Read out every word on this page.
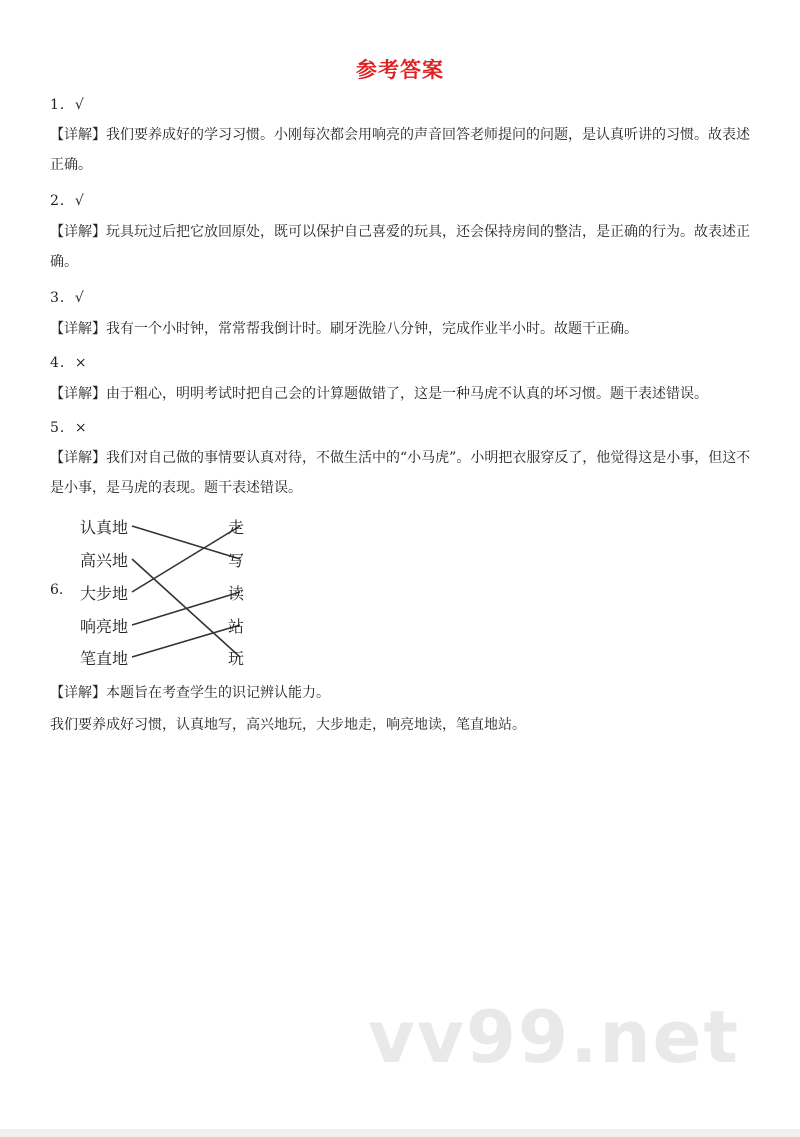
参考答案
1．√
【详解】我们要养成好的学习习惯。小刚每次都会用响亮的声音回答老师提问的问题，是认真听讲的习惯。故表述正确。
2．√
【详解】玩具玩过后把它放回原处，既可以保护自己喜爱的玩具，还会保持房间的整洁，是正确的行为。故表述正确。
3．√
【详解】我有一个小时钟，常常帮我倒计时。刷牙洗脸八分钟，完成作业半小时。故题干正确。
4．×
【详解】由于粗心，明明考试时把自己会的计算题做错了，这是一种马虎不认真的坏习惯。题干表述错误。
5．×
【详解】我们对自己做的事情要认真对待，不做生活中的“小马虎”。小明把衣服穿反了，他觉得这是小事，但这不是小事，是马虎的表现。题干表述错误。
6.
认真地
高兴地
大步地
响亮地
笔直地
走
写
读
站
玩
【详解】本题旨在考查学生的识记辨认能力。
我们要养成好习惯，认真地写，高兴地玩，大步地走，响亮地读，笔直地站。
vv99.net
